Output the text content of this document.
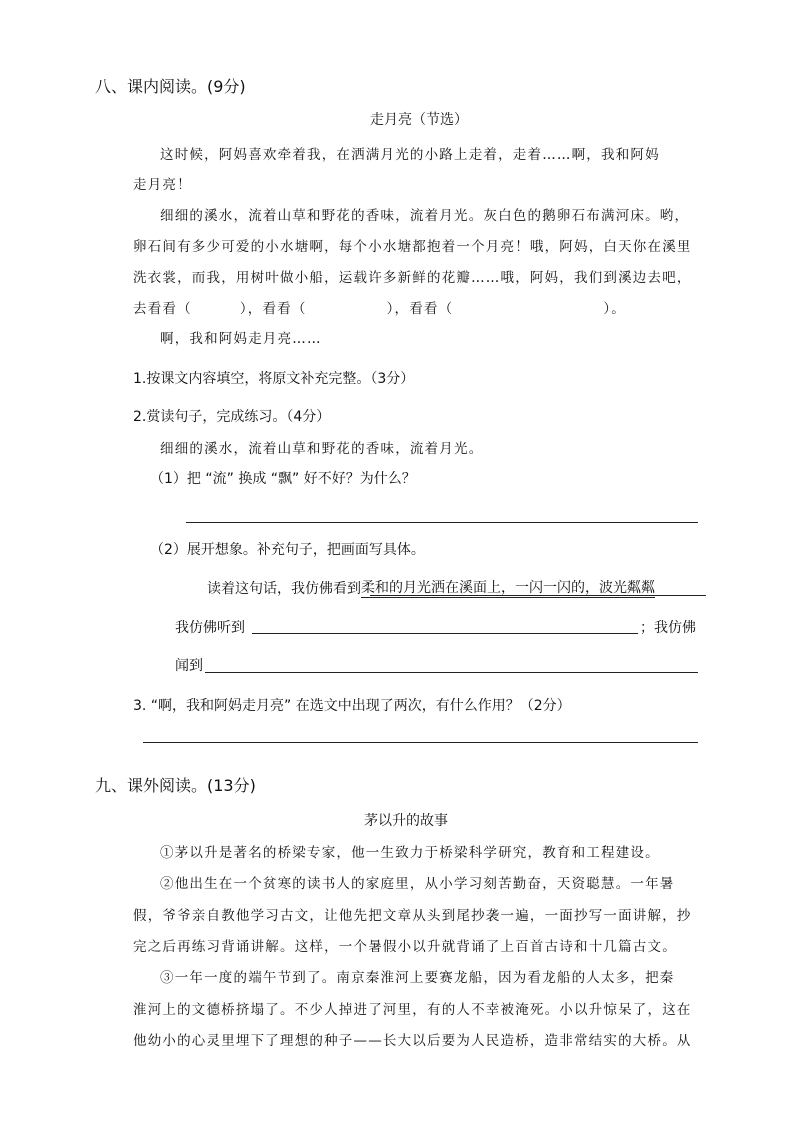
八、课内阅读。(9分)
走月亮（节选）
这时候，阿妈喜欢牵着我，在洒满月光的小路上走着，走着……啊，我和阿妈
走月亮！
细细的溪水，流着山草和野花的香味，流着月光。灰白色的鹅卵石布满河床。哟，
卵石间有多少可爱的小水塘啊，每个小水塘都抱着一个月亮！哦，阿妈，白天你在溪里
洗衣裳，而我，用树叶做小船，运载许多新鲜的花瓣……哦，阿妈，我们到溪边去吧，
去看看（	），看看（	），看看（	）。
啊，我和阿妈走月亮……
1.按课文内容填空，将原文补充完整。（3分）
2.赏读句子，完成练习。（4分）
细细的溪水，流着山草和野花的香味，流着月光。
（1）把 “流” 换成 “飘” 好不好？为什么？
（2）展开想象。补充句子，把画面写具体。
读着这句话，我仿佛看到柔和的月光洒在溪面上，一闪一闪的，波光粼粼
我仿佛听到	；我仿佛
闻到
3. “啊，我和阿妈走月亮” 在选文中出现了两次，有什么作用？（2分）
九、课外阅读。(13分)
茅以升的故事
①茅以升是著名的桥梁专家，他一生致力于桥梁科学研究，教育和工程建设。
②他出生在一个贫寒的读书人的家庭里，从小学习刻苦勤奋，天资聪慧。一年暑
假，爷爷亲自教他学习古文，让他先把文章从头到尾抄袭一遍，一面抄写一面讲解，抄
完之后再练习背诵讲解。这样，一个暑假小以升就背诵了上百首古诗和十几篇古文。
③一年一度的端午节到了。南京秦淮河上要赛龙船，因为看龙船的人太多，把秦
淮河上的文德桥挤塌了。不少人掉进了河里，有的人不幸被淹死。小以升惊呆了，这在
他幼小的心灵里埋下了理想的种子——长大以后要为人民造桥，造非常结实的大桥。从
